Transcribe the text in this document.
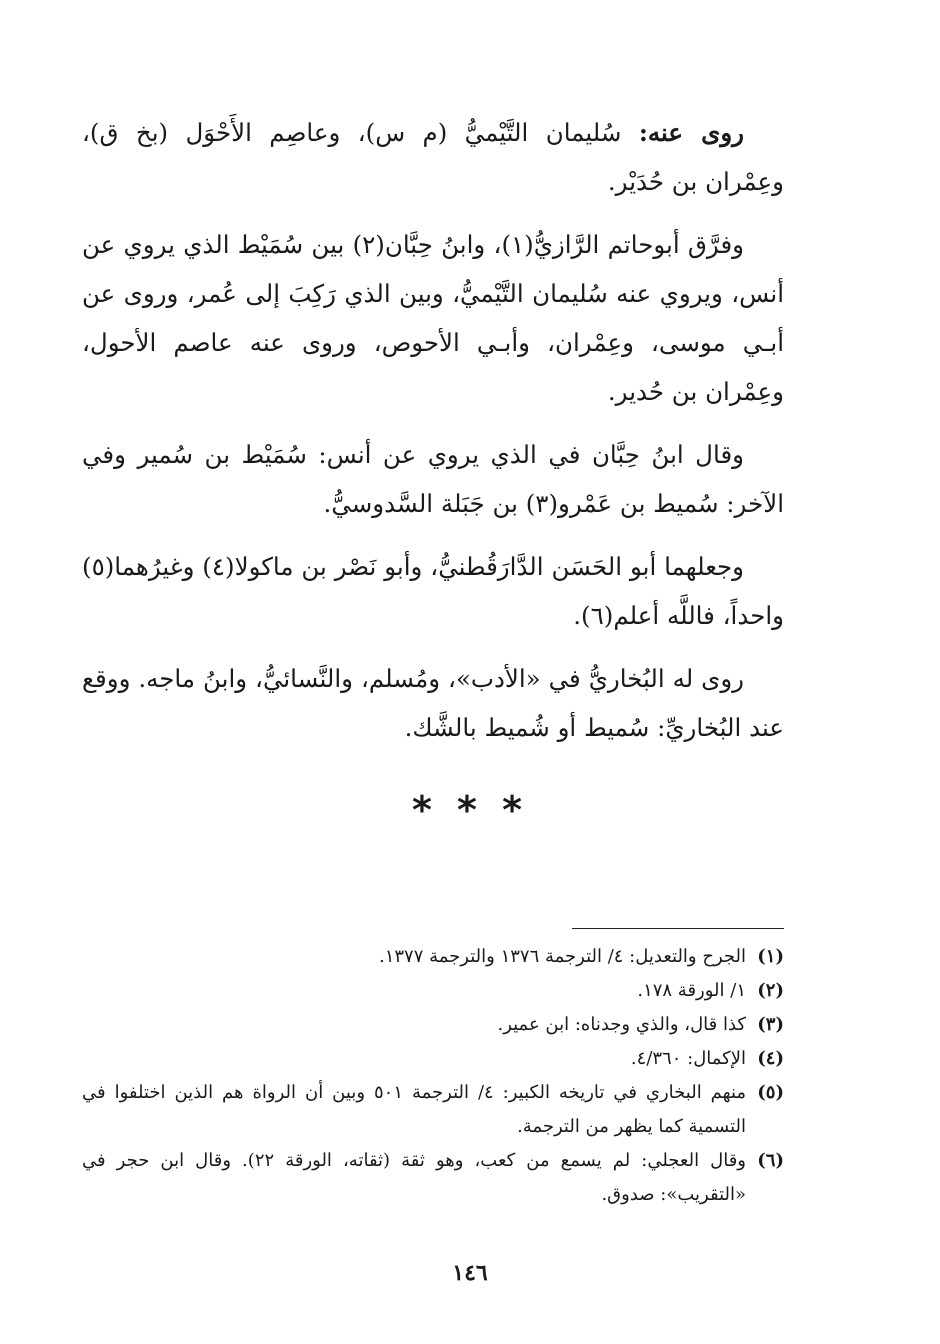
روى عنه: سُليمان التَّيْميُّ (م س)، وعاصِم الأَحْوَل (بخ ق)، وعِمْران بن حُدَيْر.

وفرَّق أبوحاتم الرَّازيُّ(١)، وابنُ حِبَّان(٢) بين سُمَيْط الذي يروي عن أنس، ويروي عنه سُليمان التَّيْميُّ، وبين الذي رَكِبَ إلى عُمر، وروى عن أبـي موسى، وعِمْران، وأبـي الأحوص، وروى عنه عاصم الأحول، وعِمْران بن حُدير.

وقال ابنُ حِبَّان في الذي يروي عن أنس: سُمَيْط بن سُمير وفي الآخر: سُميط بن عَمْرو(٣) بن جَبَلة السَّدوسيُّ.

وجعلهما أبو الحَسَن الدَّارَقُطنيُّ، وأبو نَصْر بن ماكولا(٤) وغيرُهما(٥) واحداً، فاللَّه أعلم(٦).

روى له البُخاريُّ في «الأدب»، ومُسلم، والنَّسائيُّ، وابنُ ماجه. ووقع عند البُخاريِّ: سُميط أو شُميط بالشَّك.

* * *
(١)
الجرح والتعديل: ٤/ الترجمة ١٣٧٦ والترجمة ١٣٧٧.
(٢)
١/ الورقة ١٧٨.
(٣)
كذا قال، والذي وجدناه: ابن عمير.
(٤)
الإكمال: ٤/٣٦٠.
(٥)
منهم البخاري في تاريخه الكبير: ٤/ الترجمة ٥٠١ وبين أن الرواة هم الذين اختلفوا في التسمية كما يظهر من الترجمة.
(٦)
وقال العجلي: لم يسمع من كعب، وهو ثقة (ثقاته، الورقة ٢٢). وقال ابن حجر في «التقريب»: صدوق.
١٤٦
